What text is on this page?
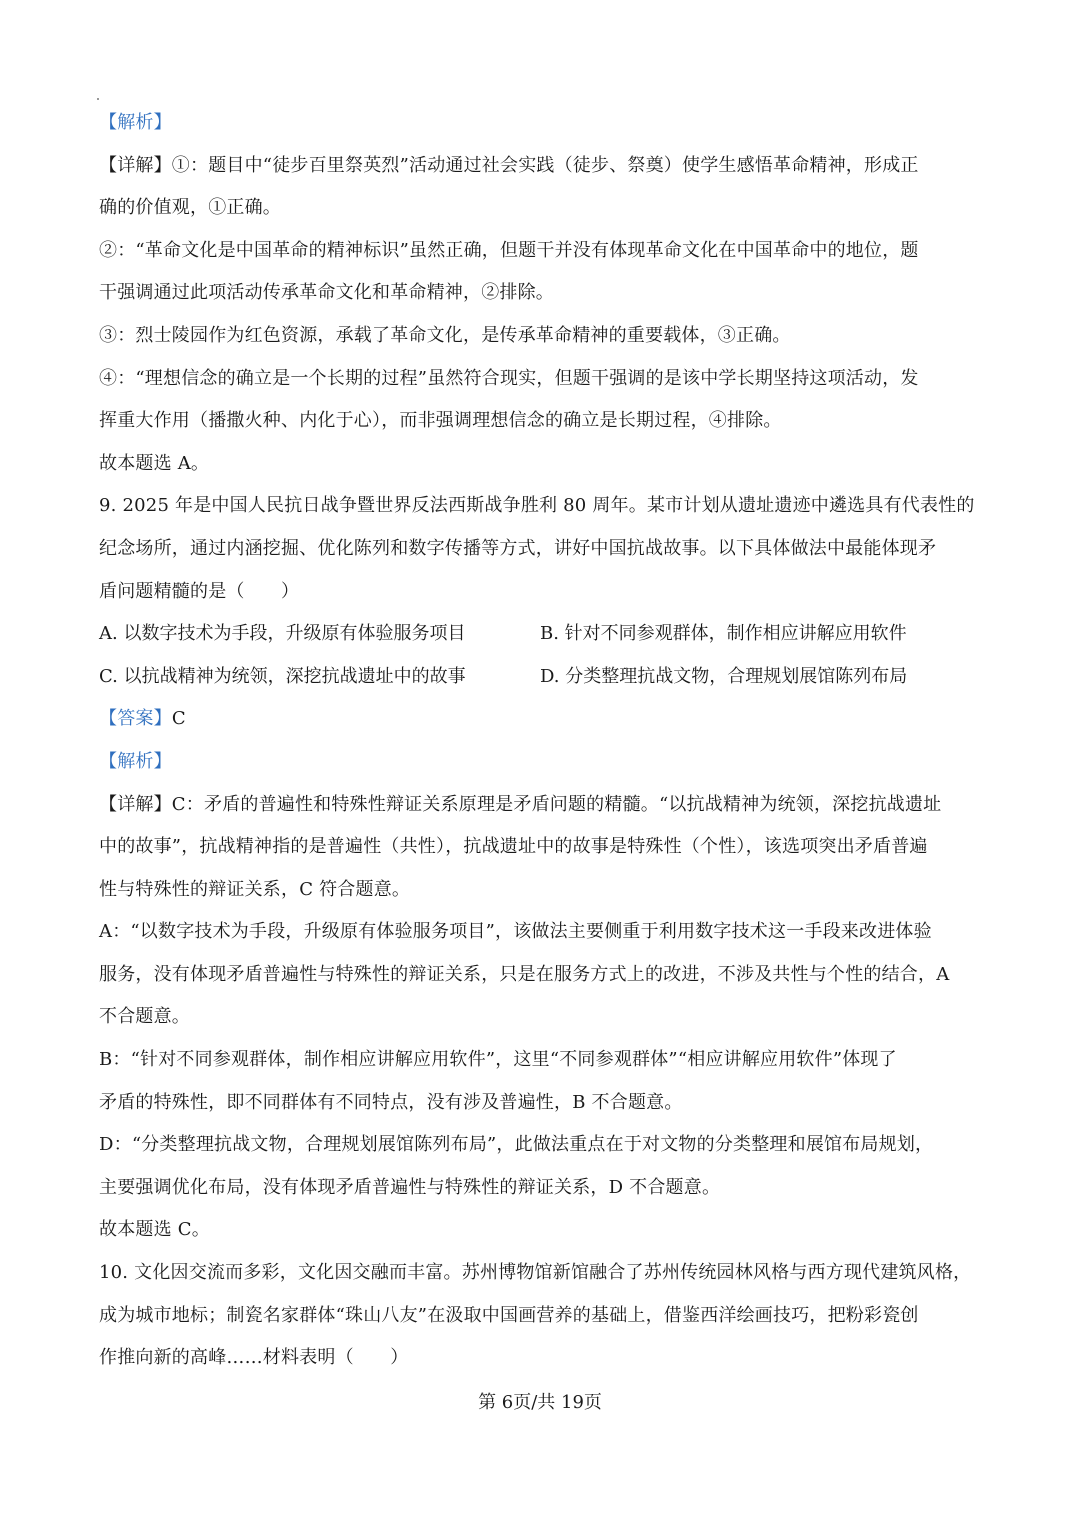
【解析】
【详解】①：题目中“徒步百里祭英烈”活动通过社会实践（徒步、祭奠）使学生感悟革命精神，形成正
确的价值观，①正确。
②：“革命文化是中国革命的精神标识”虽然正确，但题干并没有体现革命文化在中国革命中的地位，题
干强调通过此项活动传承革命文化和革命精神，②排除。
③：烈士陵园作为红色资源，承载了革命文化，是传承革命精神的重要载体，③正确。
④：“理想信念的确立是一个长期的过程”虽然符合现实，但题干强调的是该中学长期坚持这项活动，发
挥重大作用（播撒火种、内化于心），而非强调理想信念的确立是长期过程，④排除。
故本题选 A。
9. 2025 年是中国人民抗日战争暨世界反法西斯战争胜利 80 周年。某市计划从遗址遗迹中遴选具有代表性的
纪念场所，通过内涵挖掘、优化陈列和数字传播等方式，讲好中国抗战故事。以下具体做法中最能体现矛
盾问题精髓的是（　　）
A. 以数字技术为手段，升级原有体验服务项目	B. 针对不同参观群体，制作相应讲解应用软件
C. 以抗战精神为统领，深挖抗战遗址中的故事	D. 分类整理抗战文物，合理规划展馆陈列布局
【答案】C
【解析】
【详解】C：矛盾的普遍性和特殊性辩证关系原理是矛盾问题的精髓。“以抗战精神为统领，深挖抗战遗址
中的故事”，抗战精神指的是普遍性（共性），抗战遗址中的故事是特殊性（个性），该选项突出矛盾普遍
性与特殊性的辩证关系，C 符合题意。
A：“以数字技术为手段，升级原有体验服务项目”，该做法主要侧重于利用数字技术这一手段来改进体验
服务，没有体现矛盾普遍性与特殊性的辩证关系，只是在服务方式上的改进，不涉及共性与个性的结合，A
不合题意。
B：“针对不同参观群体，制作相应讲解应用软件”，这里“不同参观群体”“相应讲解应用软件”体现了
矛盾的特殊性，即不同群体有不同特点，没有涉及普遍性，B 不合题意。
D：“分类整理抗战文物，合理规划展馆陈列布局”，此做法重点在于对文物的分类整理和展馆布局规划，
主要强调优化布局，没有体现矛盾普遍性与特殊性的辩证关系，D 不合题意。
故本题选 C。
10. 文化因交流而多彩，文化因交融而丰富。苏州博物馆新馆融合了苏州传统园林风格与西方现代建筑风格，
成为城市地标；制瓷名家群体“珠山八友”在汲取中国画营养的基础上，借鉴西洋绘画技巧，把粉彩瓷创
作推向新的高峰……材料表明（　　）
第 6页/共 19页
